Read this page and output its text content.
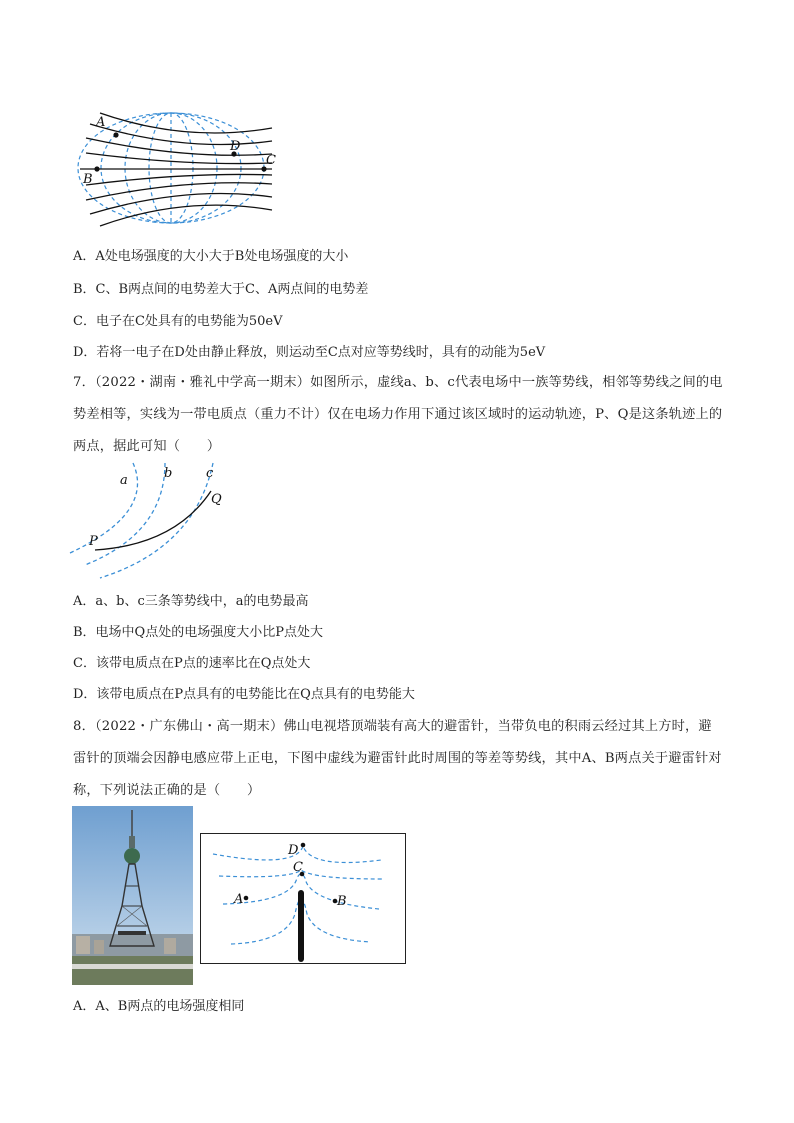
A
B
D
C
A．A处电场强度的大小大于B处电场强度的大小
B．C、B两点间的电势差大于C、A两点间的电势差
C．电子在C处具有的电势能为50eV
D．若将一电子在D处由静止释放，则运动至C点对应等势线时，具有的动能为5eV
7．（2022・湖南・雅礼中学高一期末）如图所示，虚线a、b、c代表电场中一族等势线，相邻等势线之间的电势差相等，实线为一带电质点（重力不计）仅在电场力作用下通过该区域时的运动轨迹，P、Q是这条轨迹上的两点，据此可知（　　）
a	b	c
P
Q
A．a、b、c三条等势线中，a的电势最高
B．电场中Q点处的电场强度大小比P点处大
C．该带电质点在P点的速率比在Q点处大
D．该带电质点在P点具有的电势能比在Q点具有的电势能大
8．（2022・广东佛山・高一期末）佛山电视塔顶端装有高大的避雷针，当带负电的积雨云经过其上方时，避雷针的顶端会因静电感应带上正电，下图中虚线为避雷针此时周围的等差等势线，其中A、B两点关于避雷针对称，下列说法正确的是（　　）
D
C
A	B
A．A、B两点的电场强度相同
